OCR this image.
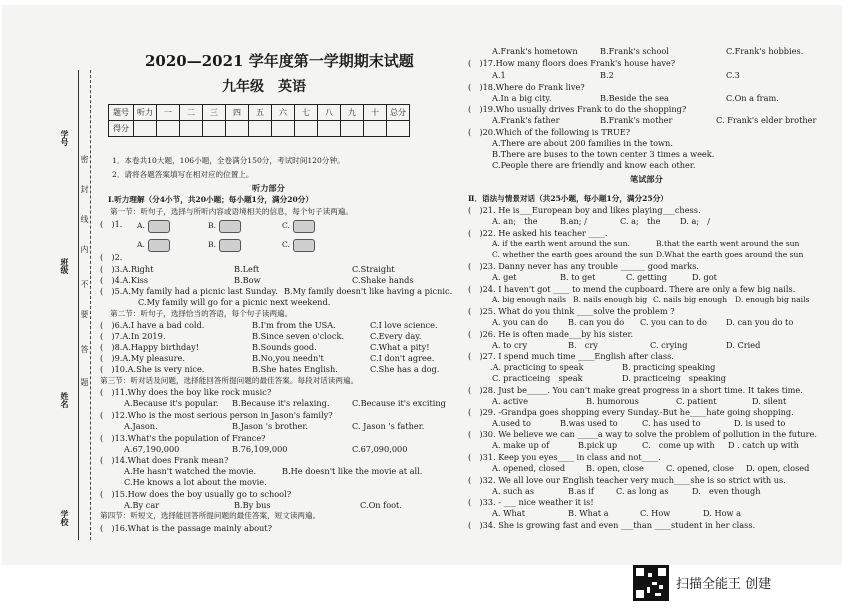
学号
班级
姓名
学校
密
封
线
内
不
要
答
题
2020—2021 学年度第一学期期末试题
九年级　英语
题号	听力	一	二	三	四	五	六	七	八	九	十	总分
得分												
1．本卷共10大题，106小题，全卷满分150分，考试时间120分钟。
2．请将各题答案填写在相对应的位置上。
听力部分
I.听力理解（分4小节，共20小题；每小题1分，满分20分）
第一节：听句子，选择与所听内容或语境相关的信息，每个句子读两遍。
(　)1. A.	B.	C.
A.	B.	C.
(　)2.
(　)3.A.Right	B.Left	C.Straight
(　)4.A.Kiss	B.Bow	C.Shake hands
(　)5.A.My family had a picnic last Sunday. B.My family doesn't like having a picnic.
C.My family will go for a picnic next weekend.
第二节：听句子，选择恰当的答语，每个句子读两遍。
(　)6.A.I have a bad cold.	B.I'm from the USA.	C.I love science.
(　)7.A.In 2019.	B.Since seven o'clock.	C.Every day.
(　)8.A.Happy birthday!	B.Sounds good.	C.What a pity!
(　)9.A.My pleasure.	B.No,you needn't	C.I don't agree.
(　)10.A.She is very nice.	B.She hates English.	C.She has a dog.
第三节：听对话及问题，选择能回答所提问题的最佳答案。每段对话读两遍。
(　)11.Why does the boy like rock music?
A.Because it's popular. B.Because it's relaxing.	C.Because it's exciting
(　)12.Who is the most serious person in Jason's family?
A.Jason.	B.Jason 's brother.	C. Jason 's father.
(　)13.What's the population of France?
A.67,190,000	B.76,109,000	C.67,090,000
(　)14.What does Frank mean?
A.He hasn't watched the movie.	B.He doesn't like the movie at all.
C.He knows a lot about the movie.
(　)15.How does the boy usually go to school?
A.By car	B.By bus	C.On foot.
第四节：听短文，选择能回答所提问题的最佳答案，短文读两遍。
(　)16.What is the passage mainly about?
A.Frank's hometown	B.Frank's school	C.Frank's hobbies.
(　)17.How many floors does Frank's house have?
A.1	B.2	C.3
(　)18.Where do Frank live?
A.In a big city.	B.Beside the sea	C.On a fram.
(　)19.Who usually drives Frank to do the shopping?
A.Frank's father	B.Frank's mother	C. Frank's elder brother
(　)20.Which of the following is TRUE?
A.There are about 200 families in the town.
B.There are buses to the town center 3 times a week.
C.People there are friendly and know each other.
笔试部分
Ⅱ．语法与情景对话（共25小题，每小题1分，满分25分）
(　)21. He is___European boy and likes playing___chess.
A. an;　the	B.an; /	C. a;　the D. a;　/
(　)22. He asked his teacher ____.
A. if the earth went around the sun.	B.that the earth went around the sun
C. whether the earth goes around the sun D.What the earth goes around the sun
(　)23. Danny never has any trouble ______ good marks.
A. get	B. to get	C. getting	D. got
(　)24. I haven't got ____ to mend the cupboard. There are only a few big nails.
A. big enough nails B. nails enough big C. nails big enough D. enough big nails
(　)25. What do you think ____solve the problem ?
A. you can do B. can you do C. you can to do D. can you do to
(　)26. He is often made___by his sister.
A. to cry	B.　cry	C. crying	D. Cried
(　)27. I spend much time ____English after class.
.A. practicing to speak	B. practicing speaking
C. practiceing　speak	D. practiceing　speaking
(　)28. Just be_____. You can't make great progress in a short time. It takes time.
A. active	B. humorous	C. patient	D. silent
(　)29. -Grandpa goes shopping every Sunday.-But he____hate going shopping.
A.used to	B.was used to	C. has used to	D. is used to
(　)30. We believe we can _____a way to solve the problem of pollution in the future.
A. make up of	B.pick up	C.　come up with D . catch up with
(　)31. Keep you eyes____ in class and not____.
A. opened, closed	B. open, close	C. opened, close D. open, closed
(　)32. We all love our English teacher very much____she is so strict with us.
A. such as	B.as if	C. as long as	D.　even though
(　)33. - ___ nice weather it is!
A. What	B. What a	C. How	D. How a
(　)34. She is growing fast and even ___than ____student in her class.
扫描全能王 创建
